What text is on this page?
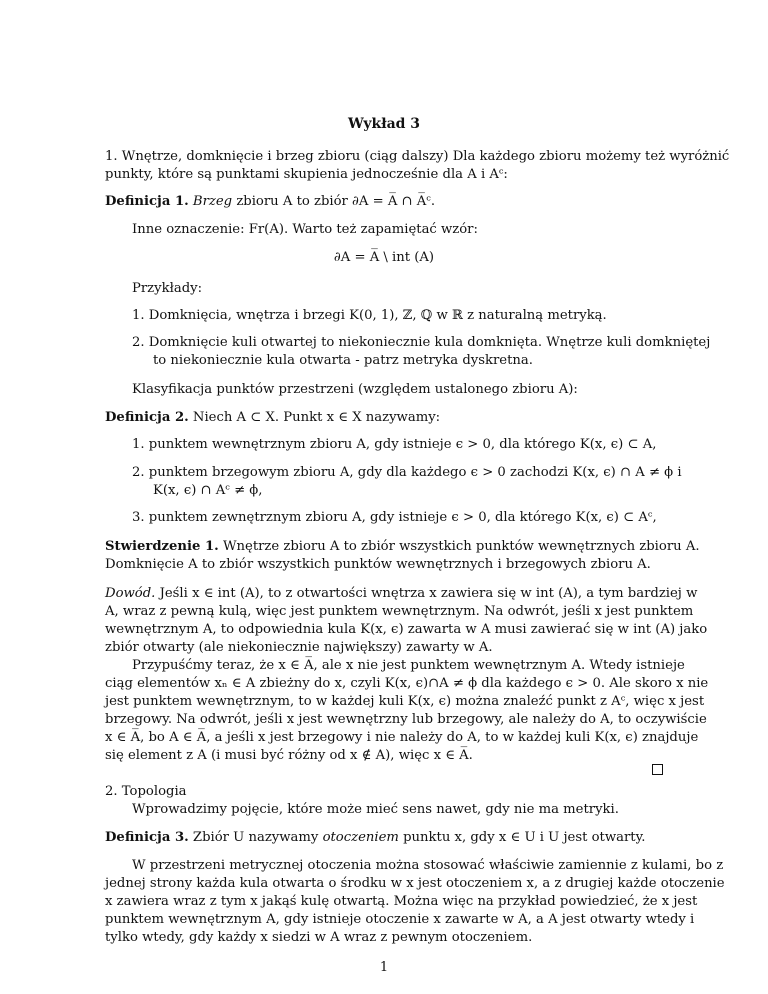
Wykład 3
1. Wnętrze, domknięcie i brzeg zbioru (ciąg dalszy) Dla każdego zbioru możemy też wyróżnić
punkty, które są punktami skupienia jednocześnie dla A i Aᶜ:
Definicja 1. Brzeg zbioru A to zbiór ∂A = A̅ ∩ A̅ᶜ.
Inne oznaczenie: Fr(A). Warto też zapamiętać wzór:
∂A = A̅ \ int (A)
Przykłady:
1. Domknięcia, wnętrza i brzegi K(0, 1), ℤ, ℚ w ℝ z naturalną metryką.
2. Domknięcie kuli otwartej to niekoniecznie kula domknięta. Wnętrze kuli domkniętej
to niekoniecznie kula otwarta - patrz metryka dyskretna.
Klasyfikacja punktów przestrzeni (względem ustalonego zbioru A):
Definicja 2. Niech A ⊂ X. Punkt x ∈ X nazywamy:
1. punktem wewnętrznym zbioru A, gdy istnieje ϵ > 0, dla którego K(x, ϵ) ⊂ A,
2. punktem brzegowym zbioru A, gdy dla każdego ϵ > 0 zachodzi K(x, ϵ) ∩ A ≠ ϕ i
K(x, ϵ) ∩ Aᶜ ≠ ϕ,
3. punktem zewnętrznym zbioru A, gdy istnieje ϵ > 0, dla którego K(x, ϵ) ⊂ Aᶜ,
Stwierdzenie 1. Wnętrze zbioru A to zbiór wszystkich punktów wewnętrznych zbioru A.
Domknięcie A to zbiór wszystkich punktów wewnętrznych i brzegowych zbioru A.
Dowód. Jeśli x ∈ int (A), to z otwartości wnętrza x zawiera się w int (A), a tym bardziej w
A, wraz z pewną kulą, więc jest punktem wewnętrznym. Na odwrót, jeśli x jest punktem
wewnętrznym A, to odpowiednia kula K(x, ϵ) zawarta w A musi zawierać się w int (A) jako
zbiór otwarty (ale niekoniecznie największy) zawarty w A.
Przypuśćmy teraz, że x ∈ A̅, ale x nie jest punktem wewnętrznym A. Wtedy istnieje
ciąg elementów xₙ ∈ A zbieżny do x, czyli K(x, ϵ)∩A ≠ ϕ dla każdego ϵ > 0. Ale skoro x nie
jest punktem wewnętrznym, to w każdej kuli K(x, ϵ) można znaleźć punkt z Aᶜ, więc x jest
brzegowy. Na odwrót, jeśli x jest wewnętrzny lub brzegowy, ale należy do A, to oczywiście
x ∈ A̅, bo A ∈ A̅, a jeśli x jest brzegowy i nie należy do A, to w każdej kuli K(x, ϵ) znajduje
się element z A (i musi być różny od x ∉ A), więc x ∈ A̅.
2. Topologia
Wprowadzimy pojęcie, które może mieć sens nawet, gdy nie ma metryki.
Definicja 3. Zbiór U nazywamy otoczeniem punktu x, gdy x ∈ U i U jest otwarty.
W przestrzeni metrycznej otoczenia można stosować właściwie zamiennie z kulami, bo z
jednej strony każda kula otwarta o środku w x jest otoczeniem x, a z drugiej każde otoczenie
x zawiera wraz z tym x jakąś kulę otwartą. Można więc na przykład powiedzieć, że x jest
punktem wewnętrznym A, gdy istnieje otoczenie x zawarte w A, a A jest otwarty wtedy i
tylko wtedy, gdy każdy x siedzi w A wraz z pewnym otoczeniem.
1
